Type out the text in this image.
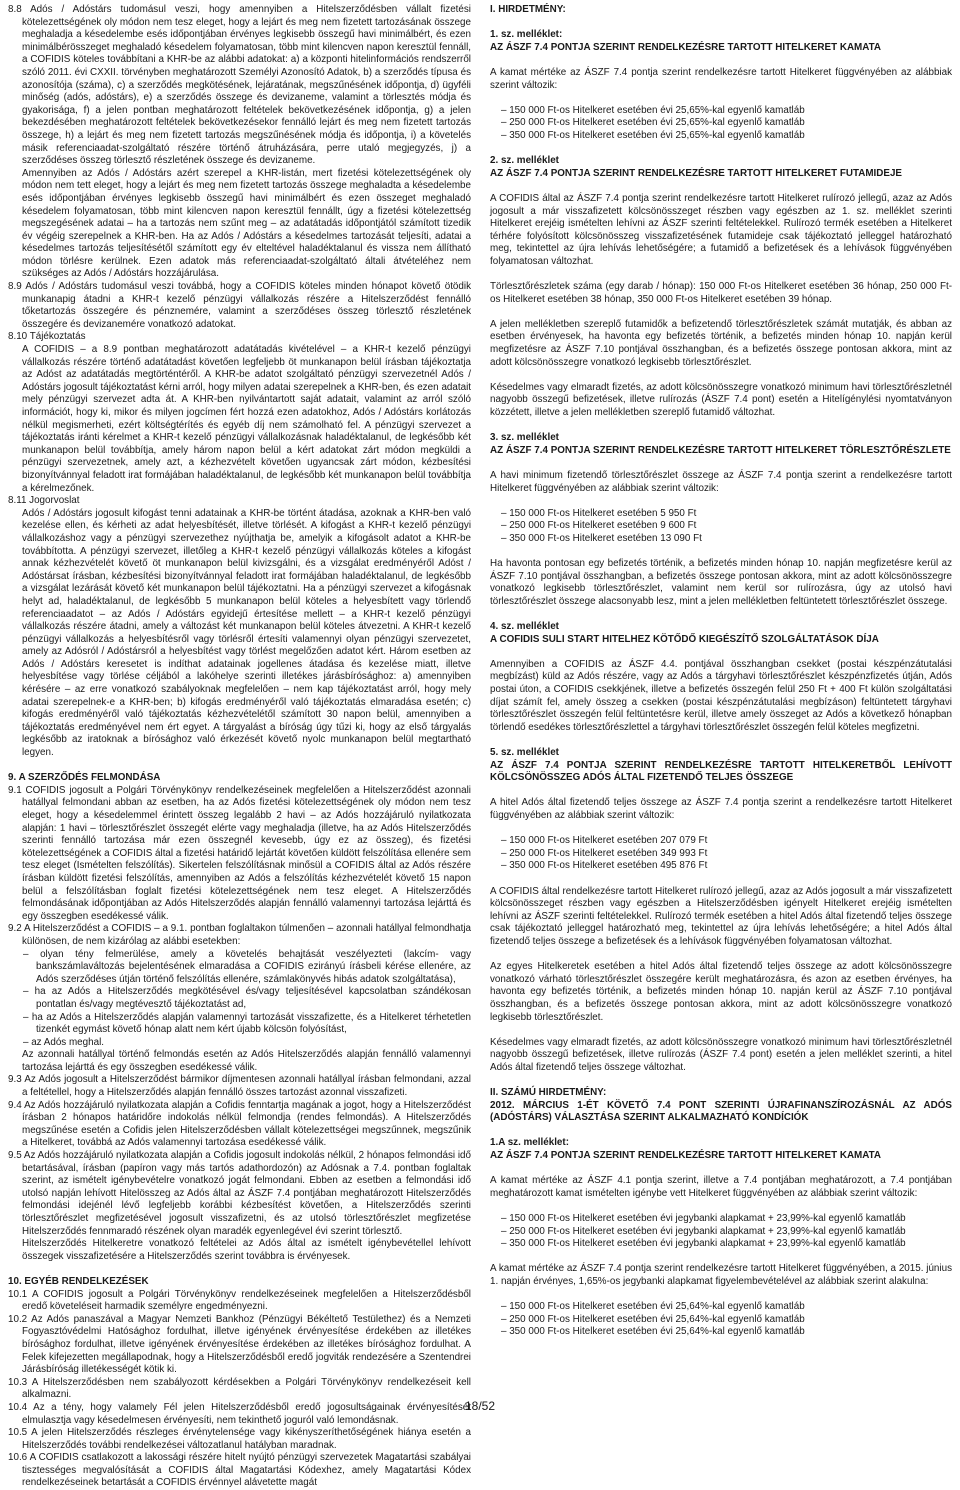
8.8 Adós / Adóstárs tudomásul veszi, hogy amennyiben a Hitelszerződésben vállalt fizetési kötelezettségének oly módon nem tesz eleget, hogy a lejárt és meg nem fizetett tartozásának összege meghaladja a késedelembe esés időpontjában érvényes legkisebb összegű havi minimálbért, és ezen minimálbérösszeget meghaladó késedelem folyamatosan, több mint kilencven napon keresztül fennáll, a COFIDIS köteles továbbítani a KHR-be az alábbi adatokat: a) a központi hitelinformációs rendszerről szóló 2011. évi CXXII. törvényben meghatározott Személyi Azonosító Adatok, b) a szerződés típusa és azonosítója (száma), c) a szerződés megkötésének, lejáratának, megszűnésének időpontja, d) ügyféli minőség (adós, adóstárs), e) a szerződés összege és devizaneme, valamint a törlesztés módja és gyakorisága, f) a jelen pontban meghatározott feltételek bekövetkezésének időpontja, g) a jelen bekezdésében meghatározott feltételek bekövetkezésekor fennálló lejárt és meg nem fizetett tartozás összege, h) a lejárt és meg nem fizetett tartozás megszűnésének módja és időpontja, i) a követelés másik referenciaadat-szolgáltató részére történő átruházására, perre utaló megjegyzés, j) a szerződéses összeg törlesztő részletének összege és devizaneme.

Amennyiben az Adós / Adóstárs azért szerepel a KHR-listán, mert fizetési kötelezettségének oly módon nem tett eleget, hogy a lejárt és meg nem fizetett tartozás összege meghaladta a késedelembe esés időpontjában érvényes legkisebb összegű havi minimálbért és ezen összeget meghaladó késedelem folyamatosan, több mint kilencven napon keresztül fennállt, úgy a fizetési kötelezettség megszegésének adatai – ha a tartozás nem szűnt meg – az adatátadás időpontjától számított tizedik év végéig szerepelnek a KHR-ben. Ha az Adós / Adóstárs a késedelmes tartozását teljesíti, adatai a késedelmes tartozás teljesítésétől számított egy év elteltével haladéktalanul és vissza nem állítható módon törlésre kerülnek. Ezen adatok más referenciaadat-szolgáltató általi átvételéhez nem szükséges az Adós / Adóstárs hozzájárulása.

8.9 Adós / Adóstárs tudomásul veszi továbbá, hogy a COFIDIS köteles minden hónapot követő ötödik munkanapig átadni a KHR-t kezelő pénzügyi vállalkozás részére a Hitelszerződést fennálló tőketartozás összegére és pénznemére, valamint a szerződéses összeg törlesztő részletének összegére és devizanemére vonatkozó adatokat.

8.10 Tájékoztatás

A COFIDIS – a 8.9 pontban meghatározott adatátadás kivételével – a KHR-t kezelő pénzügyi vállalkozás részére történő adatátadást követően legfeljebb öt munkanapon belül írásban tájékoztatja az Adóst az adatátadás megtörténtéről. A KHR-be adatot szolgáltató pénzügyi szervezetnél Adós / Adóstárs jogosult tájékoztatást kérni arról, hogy milyen adatai szerepelnek a KHR-ben, és ezen adatait mely pénzügyi szervezet adta át. A KHR-ben nyilvántartott saját adatait, valamint az arról szóló információt, hogy ki, mikor és milyen jogcímen fért hozzá ezen adatokhoz, Adós / Adóstárs korlátozás nélkül megismerheti, ezért költségtérítés és egyéb díj nem számolható fel. A pénzügyi szervezet a tájékoztatás iránti kérelmet a KHR-t kezelő pénzügyi vállalkozásnak haladéktalanul, de legkésőbb két munkanapon belül továbbítja, amely három napon belül a kért adatokat zárt módon megküldi a pénzügyi szervezetnek, amely azt, a kézhezvételt követően ugyancsak zárt módon, kézbesítési bizonyítvánnyal feladott irat formájában haladéktalanul, de legkésőbb két munkanapon belül továbbítja a kérelmezőnek.

8.11 Jogorvoslat

Adós / Adóstárs jogosult kifogást tenni adatainak a KHR-be történt átadása, azoknak a KHR-ben való kezelése ellen, és kérheti az adat helyesbítését, illetve törlését. A kifogást a KHR-t kezelő pénzügyi vállalkozáshoz vagy a pénzügyi szervezethez nyújthatja be, amelyik a kifogásolt adatot a KHR-be továbbította. A pénzügyi szervezet, illetőleg a KHR-t kezelő pénzügyi vállalkozás köteles a kifogást annak kézhezvételét követő öt munkanapon belül kivizsgálni, és a vizsgálat eredményéről Adóst / Adóstársat írásban, kézbesítési bizonyítvánnyal feladott irat formájában haladéktalanul, de legkésőbb a vizsgálat lezárását követő két munkanapon belül tájékoztatni. Ha a pénzügyi szervezet a kifogásnak helyt ad, haladéktalanul, de legkésőbb 5 munkanapon belül köteles a helyesbített vagy törlendő referenciaadatot – az Adós / Adóstárs egyidejű értesítése mellett – a KHR-t kezelő pénzügyi vállalkozás részére átadni, amely a változást két munkanapon belül köteles átvezetni. A KHR-t kezelő pénzügyi vállalkozás a helyesbítésről vagy törlésről értesíti valamennyi olyan pénzügyi szervezetet, amely az Adósról / Adóstársról a helyesbítést vagy törlést megelőzően adatot kért. Három esetben az Adós / Adóstárs keresetet is indíthat adatainak jogellenes átadása és kezelése miatt, illetve helyesbítése vagy törlése céljából a lakóhelye szerinti illetékes járásbírósághoz: a) amennyiben kérésére – az erre vonatkozó szabályoknak megfelelően – nem kap tájékoztatást arról, hogy mely adatai szerepelnek-e a KHR-ben; b) kifogás eredményéről való tájékoztatás elmaradása esetén; c) kifogás eredményéről való tájékoztatás kézhezvételétől számított 30 napon belül, amennyiben a tájékoztatás eredményével nem ért egyet. A tárgyalást a bíróság úgy tűzi ki, hogy az első tárgyalás legkésőbb az iratoknak a bírósághoz való érkezését követő nyolc munkanapon belül megtartható legyen.

9. A SZERZŐDÉS FELMONDÁSA

9.1 COFIDIS jogosult a Polgári Törvénykönyv rendelkezéseinek megfelelően a Hitelszerződést azonnali hatállyal felmondani abban az esetben, ha az Adós fizetési kötelezettségének oly módon nem tesz eleget, hogy a késedelemmel érintett összeg legalább 2 havi – az Adós hozzájáruló nyilatkozata alapján: 1 havi – törlesztőrészlet összegét elérte vagy meghaladja (illetve, ha az Adós Hitelszerződés szerinti fennálló tartozása már ezen összegnél kevesebb, úgy ez az összeg), és fizetési kötelezettségének a COFIDIS által a fizetési határidő lejártát követően küldött felszólítása ellenére sem tesz eleget (Ismételten felszólítás). Sikertelen felszólításnak minősül a COFIDIS által az Adós részére írásban küldött fizetési felszólítás, amennyiben az Adós a felszólítás kézhezvételét követő 15 napon belül a felszólításban foglalt fizetési kötelezettségének nem tesz eleget. A Hitelszerződés felmondásának időpontjában az Adós Hitelszerződés alapján fennálló valamennyi tartozása lejárttá és egy összegben esedékessé válik.

9.2 A Hitelszerződést a COFIDIS – a 9.1. pontban foglaltakon túlmenően – azonnali hatállyal felmondhatja különösen, de nem kizárólag az alábbi esetekben:

– olyan tény felmerülése, amely a követelés behajtását veszélyezteti (lakcím- vagy bankszámlaváltozás bejelentésének elmaradása a COFIDIS ezirányú írásbeli kérése ellenére, az Adós szerződéses útján történő felszólítás ellenére, számlakönyvés hibás adatok szolgáltatása),

– ha az Adós a Hitelszerződés megkötésével és/vagy teljesítésével kapcsolatban szándékosan pontatlan és/vagy megtévesztő tájékoztatást ad,

– ha az Adós a Hitelszerződés alapján valamennyi tartozását visszafizette, és a Hitelkeret térhetetlen tizenkét egymást követő hónap alatt nem kért újabb kölcsön folyósítást,

– az Adós meghal.

Az azonnali hatállyal történő felmondás esetén az Adós Hitelszerződés alapján fennálló valamennyi tartozása lejárttá és egy összegben esedékessé válik.

9.3 Az Adós jogosult a Hitelszerződést bármikor díjmentesen azonnali hatállyal írásban felmondani, azzal a feltétellel, hogy a Hitelszerződés alapján fennálló összes tartozást azonnal visszafizeti.

9.4 Az Adós hozzájáruló nyilatkozata alapján a Cofidis fenntartja magának a jogot, hogy a Hitelszerződést írásban 2 hónapos határidőre indokolás nélkül felmondja (rendes felmondás). A Hitelszerződés megszűnése esetén a Cofidis jelen Hitelszerződésben vállalt kötelezettségei megszűnnek, megszűnik a Hitelkeret, továbbá az Adós valamennyi tartozása esedékessé válik.

9.5 Az Adós hozzájáruló nyilatkozata alapján a Cofidis jogosult indokolás nélkül, 2 hónapos felmondási idő betartásával, írásban (papíron vagy más tartós adathordozón) az Adósnak a 7.4. pontban foglaltak szerint, az ismételt igénybevételre vonatkozó jogát felmondani. Ebben az esetben a felmondási idő utolsó napján lehívott Hitelösszeg az Adós által az ÁSZF 7.4 pontjában meghatározott Hitelszerződés felmondási idejénél lévő legfeljebb korábbi kézbesítést követően, a Hitelszerződés szerinti törlesztőrészlet megfizetésével jogosult visszafizetni, és az utolsó törlesztőrészlet megfizetése Hitelszerződés fennmaradó részének olyan maradék egyenlegével évi szerint törlesztő.

Hitelszerződés Hitelkeretre vonatkozó feltételei az Adós által az ismételt igénybevétellel lehívott összegek visszafizetésére a Hitelszerződés szerint továbbra is érvényesek.

10. EGYÉB RENDELKEZÉSEK

10.1 A COFIDIS jogosult a Polgári Törvénykönyv rendelkezéseinek megfelelően a Hitelszerződésből eredő követeléseit harmadik személyre engedményezni.

10.2 Az Adós panaszával a Magyar Nemzeti Bankhoz (Pénzügyi Békéltető Testülethez) és a Nemzeti Fogyasztóvédelmi Hatósághoz fordulhat, illetve igényének érvényesítése érdekében az illetékes bírósághoz fordulhat, illetve igényének érvényesítése érdekében az illetékes bírósághoz fordulhat. A Felek kifejezetten megállapodnak, hogy a Hitelszerződésből eredő jogviták rendezésére a Szentendrei Járásbíróság illetékességét kötik ki.

10.3 A Hitelszerződésben nem szabályozott kérdésekben a Polgári Törvénykönyv rendelkezéseit kell alkalmazni.

10.4 Az a tény, hogy valamely Fél jelen Hitelszerződésből eredő jogosultságainak érvényesítését elmulasztja vagy késedelmesen érvényesíti, nem tekinthető joguról való lemondásnak.

10.5 A jelen Hitelszerződés részleges érvénytelensége vagy kikényszeríthetőségének hiánya esetén a Hitelszerződés további rendelkezései változatlanul hatályban maradnak.

10.6 A COFIDIS csatlakozott a lakossági részére hitelt nyújtó pénzügyi szervezetek Magatartási szabályai tisztességes megvalósítását a COFIDIS által Magatartási Kódexhez, amely Magatartási Kódex rendelkezéseinek betartását a COFIDIS érvénnyel alávetette magát

I. HIRDETMÉNY:

1. sz. melléklet:

AZ ÁSZF 7.4 PONTJA SZERINT RENDELKEZÉSRE TARTOTT HITELKERET KAMATA

A kamat mértéke az ÁSZF 7.4 pontja szerint rendelkezésre tartott Hitelkeret függvényében az alábbiak szerint változik:

– 150 000 Ft-os Hitelkeret esetében évi 25,65%-kal egyenlő kamatláb

– 250 000 Ft-os Hitelkeret esetében évi 25,65%-kal egyenlő kamatláb

– 350 000 Ft-os Hitelkeret esetében évi 25,65%-kal egyenlő kamatláb

2. sz. melléklet

AZ ÁSZF 7.4 PONTJA SZERINT RENDELKEZÉSRE TARTOTT HITELKERET FUTAMIDEJE

A COFIDIS által az ÁSZF 7.4 pontja szerint rendelkezésre tartott Hitelkeret rulírozó jellegű, azaz az Adós jogosult a már visszafizetett kölcsönösszeget részben vagy egészben az 1. sz. melléklet szerinti Hitelkeret erejéig ismételten lehívni az ÁSZF szerinti feltételekkel. Rulírozó termék esetében a Hitelkeret térhére folyósított kölcsönösszeg visszafizetésének futamideje csak tájékoztató jelleggel határozható meg, tekintettel az újra lehívás lehetőségére; a futamidő a befizetések és a lehívások függvényében folyamatosan változhat.

Törlesztőrészletek száma (egy darab / hónap): 150 000 Ft-os Hitelkeret esetében 36 hónap, 250 000 Ft-os Hitelkeret esetében 38 hónap, 350 000 Ft-os Hitelkeret esetében 39 hónap.

A jelen mellékletben szereplő futamidők a befizetendő törlesztőrészletek számát mutatják, és abban az esetben érvényesek, ha havonta egy befizetés történik, a befizetés minden hónap 10. napján kerül megfizetésre az ÁSZF 7.10 pontjával összhangban, és a befizetés összege pontosan akkora, mint az adott kölcsönösszegre vonatkozó legkisebb törlesztőrészlet.

Késedelmes vagy elmaradt fizetés, az adott kölcsönösszegre vonatkozó minimum havi törlesztőrészletnél nagyobb összegű befizetések, illetve rulírozás (ÁSZF 7.4 pont) esetén a Hitelígénylési nyomtatványon közzétett, illetve a jelen mellékletben szereplő futamidő változhat.

3. sz. melléklet

AZ ÁSZF 7.4 PONTJA SZERINT RENDELKEZÉSRE TARTOTT HITELKERET TÖRLESZTŐRÉSZLETE

A havi minimum fizetendő törlesztőrészlet összege az ÁSZF 7.4 pontja szerint a rendelkezésre tartott Hitelkeret függvényében az alábbiak szerint változik:

– 150 000 Ft-os Hitelkeret esetében 5 950 Ft

– 250 000 Ft-os Hitelkeret esetében 9 600 Ft

– 350 000 Ft-os Hitelkeret esetében 13 090 Ft

Ha havonta pontosan egy befizetés történik, a befizetés minden hónap 10. napján megfizetésre kerül az ÁSZF 7.10 pontjával összhangban, a befizetés összege pontosan akkora, mint az adott kölcsönösszegre vonatkozó legkisebb törlesztőrészlet, valamint nem kerül sor rulírozásra, úgy az utolsó havi törlesztőrészlet összege alacsonyabb lesz, mint a jelen mellékletben feltüntetett törlesztőrészlet összege.

4. sz. melléklet

A COFIDIS SULI START HITELHEZ KÖTŐDŐ KIEGÉSZÍTŐ SZOLGÁLTATÁSOK DÍJA

Amennyiben a COFIDIS az ÁSZF 4.4. pontjával összhangban csekket (postai készpénzátutalási megbízást) küld az Adós részére, vagy az Adós a tárgyhavi törlesztőrészlet készpénzfizetés útján, Adós postai úton, a COFIDIS csekkjének, illetve a befizetés összegén felül 250 Ft + 400 Ft külön szolgáltatási díjat számít fel, amely összeg a csekken (postai készpénzátutalási megbízáson) feltüntetett tárgyhavi törlesztőrészlet összegén felül feltüntetésre kerül, illetve amely összeget az Adós a következő hónapban törlendő esedékes törlesztőrészlettel a tárgyhavi törlesztőrészlet összegén felül köteles megfizetni.

5. sz. melléklet

AZ ÁSZF 7.4 PONTJA SZERINT RENDELKEZÉSRE TARTOTT HITELKERETBŐL LEHÍVOTT KÖLCSÖNÖSSZEG ADÓS ÁLTAL FIZETENDŐ TELJES ÖSSZEGE

A hitel Adós által fizetendő teljes összege az ÁSZF 7.4 pontja szerint a rendelkezésre tartott Hitelkeret függvényében az alábbiak szerint változik:

– 150 000 Ft-os Hitelkeret esetében 207 079 Ft

– 250 000 Ft-os Hitelkeret esetében 349 993 Ft

– 350 000 Ft-os Hitelkeret esetében 495 876 Ft

A COFIDIS által rendelkezésre tartott Hitelkeret rulírozó jellegű, azaz az Adós jogosult a már visszafizetett kölcsönösszeget részben vagy egészben a Hitelszerződésben igényelt Hitelkeret erejéig ismételten lehívni az ÁSZF szerinti feltételekkel. Rulírozó termék esetében a hitel Adós által fizetendő teljes összege csak tájékoztató jelleggel határozható meg, tekintettel az újra lehívás lehetőségére; a hitel Adós által fizetendő teljes összege a befizetések és a lehívások függvényében folyamatosan változhat.

Az egyes Hitelkeretek esetében a hitel Adós által fizetendő teljes összege az adott kölcsönösszegre vonatkozó várható törlesztőrészlet összegére került meghatározásra, és azon az esetben érvényes, ha havonta egy befizetés történik, a befizetés minden hónap 10. napján kerül az ÁSZF 7.10 pontjával összhangban, és a befizetés összege pontosan akkora, mint az adott kölcsönösszegre vonatkozó legkisebb törlesztőrészlet.

Késedelmes vagy elmaradt fizetés, az adott kölcsönösszegre vonatkozó minimum havi törlesztőrészletnél nagyobb összegű befizetések, illetve rulírozás (ÁSZF 7.4 pont) esetén a jelen melléklet szerinti, a hitel Adós által fizetendő teljes összege változhat.

II. SZÁMÚ HIRDETMÉNY:

2012. MÁRCIUS 1-ÉT KÖVETŐ 7.4 PONT SZERINTI ÚJRAFINANSZÍROZÁSNÁL AZ ADÓS (ADÓSTÁRS) VÁLASZTÁSA SZERINT ALKALMAZHATÓ KONDÍCIÓK

1.A sz. melléklet:

AZ ÁSZF 7.4 PONTJA SZERINT RENDELKEZÉSRE TARTOTT HITELKERET KAMATA

A kamat mértéke az ÁSZF 4.1 pontja szerint, illetve a 7.4 pontjában meghatározott, a 7.4 pontjában meghatározott kamat ismételten igénybe vett Hitelkeret függvényében az alábbiak szerint változik:

– 150 000 Ft-os Hitelkeret esetében évi jegybanki alapkamat + 23,99%-kal egyenlő kamatláb

– 250 000 Ft-os Hitelkeret esetében évi jegybanki alapkamat + 23,99%-kal egyenlő kamatláb

– 350 000 Ft-os Hitelkeret esetében évi jegybanki alapkamat + 23,99%-kal egyenlő kamatláb

A kamat mértéke az ÁSZF 7.4 pontja szerint rendelkezésre tartott Hitelkeret függvényében, a 2015. június 1. napján érvényes, 1,65%-os jegybanki alapkamat figyelembevételével az alábbiak szerint alakulna:

– 150 000 Ft-os Hitelkeret esetében évi 25,64%-kal egyenlő kamatláb

– 250 000 Ft-os Hitelkeret esetében évi 25,64%-kal egyenlő kamatláb

– 350 000 Ft-os Hitelkeret esetében évi 25,64%-kal egyenlő kamatláb

18/52
